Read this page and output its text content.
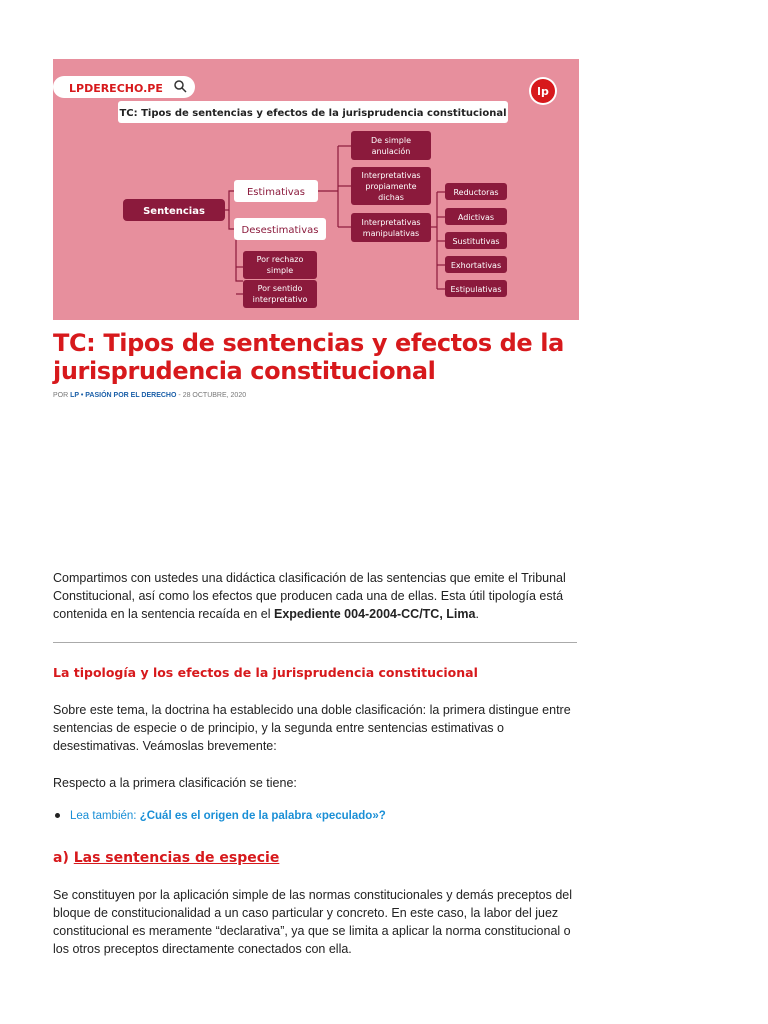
LPDERECHO.PE	lp
TC: Tipos de sentencias y efectos de la jurisprudencia constitucional
Sentencias
Estimativas
Desestimativas
De simple
anulación
Interpretativas
propiamente
dichas
Interpretativas
manipulativas
Por rechazo
simple
Por sentido
interpretativo
Reductoras
Adictivas
Sustitutivas
Exhortativas
Estipulativas
TC: Tipos de sentencias y efectos de la jurisprudencia constitucional
POR LP • PASIÓN POR EL DERECHO - 28 OCTUBRE, 2020

Compartimos con ustedes una didáctica clasificación de las sentencias que emite el Tribunal Constitucional, así como los efectos que producen cada una de ellas. Esta útil tipología está contenida en la sentencia recaída en el Expediente 004-2004-CC/TC, Lima.

La tipología y los efectos de la jurisprudencia constitucional

Sobre este tema, la doctrina ha establecido una doble clasificación: la primera distingue entre sentencias de especie o de principio, y la segunda entre sentencias estimativas o desestimativas. Veámoslas brevemente:

Respecto a la primera clasificación se tiene:

Lea también: ¿Cuál es el origen de la palabra «peculado»?
a) Las sentencias de especie

Se constituyen por la aplicación simple de las normas constitucionales y demás preceptos del bloque de constitucionalidad a un caso particular y concreto. En este caso, la labor del juez constitucional es meramente “declarativa”, ya que se limita a aplicar la norma constitucional o los otros preceptos directamente conectados con ella.
